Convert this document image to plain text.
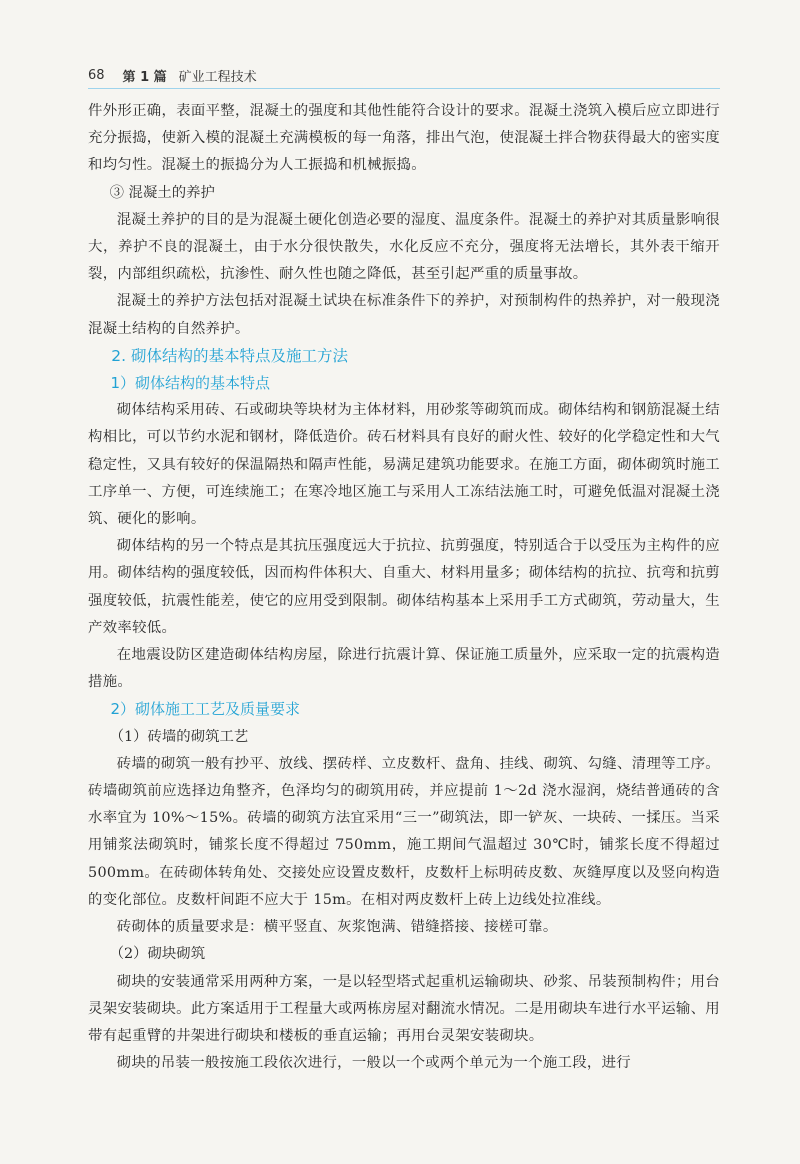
68 第 1 篇 矿业工程技术

件外形正确，表面平整，混凝土的强度和其他性能符合设计的要求。混凝土浇筑入模后应立即进行充分振捣，使新入模的混凝土充满模板的每一角落，排出气泡，使混凝土拌合物获得最大的密实度和均匀性。混凝土的振捣分为人工振捣和机械振捣。

③ 混凝土的养护

混凝土养护的目的是为混凝土硬化创造必要的湿度、温度条件。混凝土的养护对其质量影响很大，养护不良的混凝土，由于水分很快散失，水化反应不充分，强度将无法增长，其外表干缩开裂，内部组织疏松，抗渗性、耐久性也随之降低，甚至引起严重的质量事故。

混凝土的养护方法包括对混凝土试块在标准条件下的养护，对预制构件的热养护，对一般现浇混凝土结构的自然养护。

2. 砌体结构的基本特点及施工方法

1）砌体结构的基本特点

砌体结构采用砖、石或砌块等块材为主体材料，用砂浆等砌筑而成。砌体结构和钢筋混凝土结构相比，可以节约水泥和钢材，降低造价。砖石材料具有良好的耐火性、较好的化学稳定性和大气稳定性，又具有较好的保温隔热和隔声性能，易满足建筑功能要求。在施工方面，砌体砌筑时施工工序单一、方便，可连续施工；在寒冷地区施工与采用人工冻结法施工时，可避免低温对混凝土浇筑、硬化的影响。

砌体结构的另一个特点是其抗压强度远大于抗拉、抗剪强度，特别适合于以受压为主构件的应用。砌体结构的强度较低，因而构件体积大、自重大、材料用量多；砌体结构的抗拉、抗弯和抗剪强度较低，抗震性能差，使它的应用受到限制。砌体结构基本上采用手工方式砌筑，劳动量大，生产效率较低。

在地震设防区建造砌体结构房屋，除进行抗震计算、保证施工质量外，应采取一定的抗震构造措施。

2）砌体施工工艺及质量要求

（1）砖墙的砌筑工艺

砖墙的砌筑一般有抄平、放线、摆砖样、立皮数杆、盘角、挂线、砌筑、勾缝、清理等工序。砖墙砌筑前应选择边角整齐，色泽均匀的砌筑用砖，并应提前 1～2d 浇水湿润，烧结普通砖的含水率宜为 10%～15%。砖墙的砌筑方法宜采用“三一”砌筑法，即一铲灰、一块砖、一揉压。当采用铺浆法砌筑时，铺浆长度不得超过 750mm，施工期间气温超过 30℃时，铺浆长度不得超过 500mm。在砖砌体转角处、交接处应设置皮数杆，皮数杆上标明砖皮数、灰缝厚度以及竖向构造的变化部位。皮数杆间距不应大于 15m。在相对两皮数杆上砖上边线处拉准线。

砖砌体的质量要求是：横平竖直、灰浆饱满、错缝搭接、接槎可靠。

（2）砌块砌筑

砌块的安装通常采用两种方案，一是以轻型塔式起重机运输砌块、砂浆、吊装预制构件；用台灵架安装砌块。此方案适用于工程量大或两栋房屋对翻流水情况。二是用砌块车进行水平运输、用带有起重臂的井架进行砌块和楼板的垂直运输；再用台灵架安装砌块。

砌块的吊装一般按施工段依次进行，一般以一个或两个单元为一个施工段，进行
